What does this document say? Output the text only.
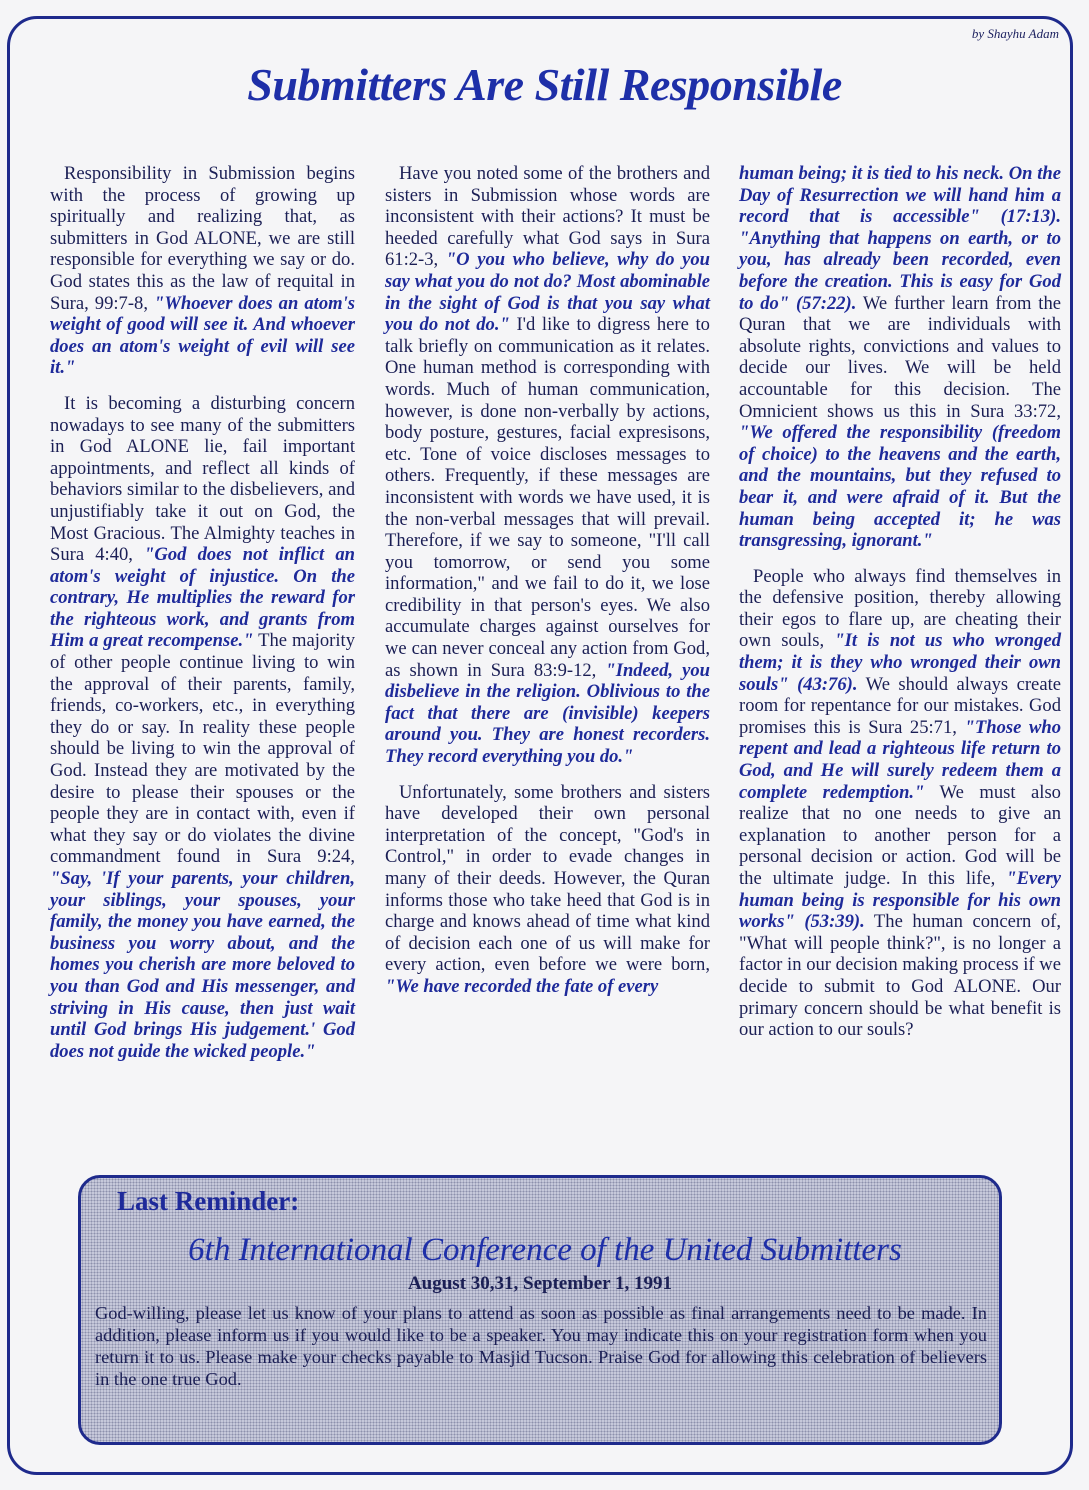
by Shayhu Adam
Submitters Are Still Responsible

Responsibility in Submission begins with the process of growing up spiritually and realizing that, as submitters in God ALONE, we are still responsible for everything we say or do. God states this as the law of requital in Sura, 99:7-8, "Whoever does an atom's weight of good will see it. And whoever does an atom's weight of evil will see it."

It is becoming a disturbing concern nowadays to see many of the submitters in God ALONE lie, fail important appointments, and reflect all kinds of behaviors similar to the disbelievers, and unjustifiably take it out on God, the Most Gracious. The Almighty teaches in Sura 4:40, "God does not inflict an atom's weight of injustice. On the contrary, He multiplies the reward for the righteous work, and grants from Him a great recompense." The majority of other people continue living to win the approval of their parents, family, friends, co-workers, etc., in everything they do or say. In reality these people should be living to win the approval of God. Instead they are motivated by the desire to please their spouses or the people they are in contact with, even if what they say or do violates the divine commandment found in Sura 9:24, "Say, 'If your parents, your children, your siblings, your spouses, your family, the money you have earned, the business you worry about, and the homes you cherish are more beloved to you than God and His messenger, and striving in His cause, then just wait until God brings His judgement.' God does not guide the wicked people."

Have you noted some of the brothers and sisters in Submission whose words are inconsistent with their actions? It must be heeded carefully what God says in Sura 61:2-3, "O you who believe, why do you say what you do not do? Most abominable in the sight of God is that you say what you do not do." I'd like to digress here to talk briefly on communication as it relates. One human method is corresponding with words. Much of human communication, however, is done non-verbally by actions, body posture, gestures, facial expresisons, etc. Tone of voice discloses messages to others. Frequently, if these messages are inconsistent with words we have used, it is the non-verbal messages that will prevail. Therefore, if we say to someone, "I'll call you tomorrow, or send you some information," and we fail to do it, we lose credibility in that person's eyes. We also accumulate charges against ourselves for we can never conceal any action from God, as shown in Sura 83:9-12, "Indeed, you disbelieve in the religion. Oblivious to the fact that there are (invisible) keepers around you. They are honest recorders. They record everything you do."

Unfortunately, some brothers and sisters have developed their own personal interpretation of the concept, "God's in Control," in order to evade changes in many of their deeds. However, the Quran informs those who take heed that God is in charge and knows ahead of time what kind of decision each one of us will make for every action, even before we were born, "We have recorded the fate of every

human being; it is tied to his neck. On the Day of Resurrection we will hand him a record that is accessible" (17:13). "Anything that happens on earth, or to you, has already been recorded, even before the creation. This is easy for God to do" (57:22). We further learn from the Quran that we are individuals with absolute rights, convictions and values to decide our lives. We will be held accountable for this decision. The Omnicient shows us this in Sura 33:72, "We offered the responsibility (freedom of choice) to the heavens and the earth, and the mountains, but they refused to bear it, and were afraid of it. But the human being accepted it; he was transgressing, ignorant."

People who always find themselves in the defensive position, thereby allowing their egos to flare up, are cheating their own souls, "It is not us who wronged them; it is they who wronged their own souls" (43:76). We should always create room for repentance for our mistakes. God promises this is Sura 25:71, "Those who repent and lead a righteous life return to God, and He will surely redeem them a complete redemption." We must also realize that no one needs to give an explanation to another person for a personal decision or action. God will be the ultimate judge. In this life, "Every human being is responsible for his own works" (53:39). The human concern of, "What will people think?", is no longer a factor in our decision making process if we decide to submit to God ALONE. Our primary concern should be what benefit is our action to our souls?

Last Reminder:
6th International Conference of the United Submitters
August 30,31, September 1, 1991
God-willing, please let us know of your plans to attend as soon as possible as final arrangements need to be made. In addition, please inform us if you would like to be a speaker. You may indicate this on your registration form when you return it to us. Please make your checks payable to Masjid Tucson. Praise God for allowing this celebration of believers in the one true God.
